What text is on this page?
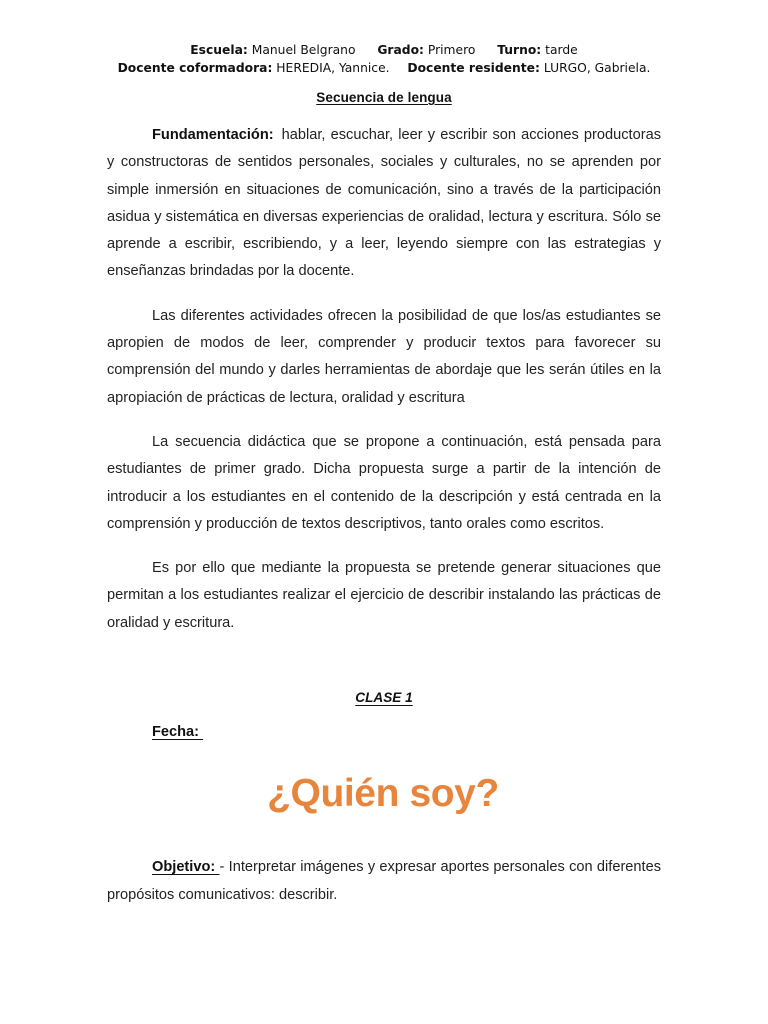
Escuela: Manuel Belgrano Grado: Primero Turno: tarde
Docente coformadora: HEREDIA, Yannice. Docente residente: LURGO, Gabriela.
Secuencia de lengua

Fundamentación: hablar, escuchar, leer y escribir son acciones productoras y constructoras de sentidos personales, sociales y culturales, no se aprenden por simple inmersión en situaciones de comunicación, sino a través de la participación asidua y sistemática en diversas experiencias de oralidad, lectura y escritura. Sólo se aprende a escribir, escribiendo, y a leer, leyendo siempre con las estrategias y enseñanzas brindadas por la docente.

Las diferentes actividades ofrecen la posibilidad de que los/as estudiantes se apropien de modos de leer, comprender y producir textos para favorecer su comprensión del mundo y darles herramientas de abordaje que les serán útiles en la apropiación de prácticas de lectura, oralidad y escritura

La secuencia didáctica que se propone a continuación, está pensada para estudiantes de primer grado. Dicha propuesta surge a partir de la intención de introducir a los estudiantes en el contenido de la descripción y está centrada en la comprensión y producción de textos descriptivos, tanto orales como escritos.

Es por ello que mediante la propuesta se pretende generar situaciones que permitan a los estudiantes realizar el ejercicio de describir instalando las prácticas de oralidad y escritura.

CLASE 1
Fecha:
¿Quién soy?

Objetivo: - Interpretar imágenes y expresar aportes personales con diferentes propósitos comunicativos: describir.
